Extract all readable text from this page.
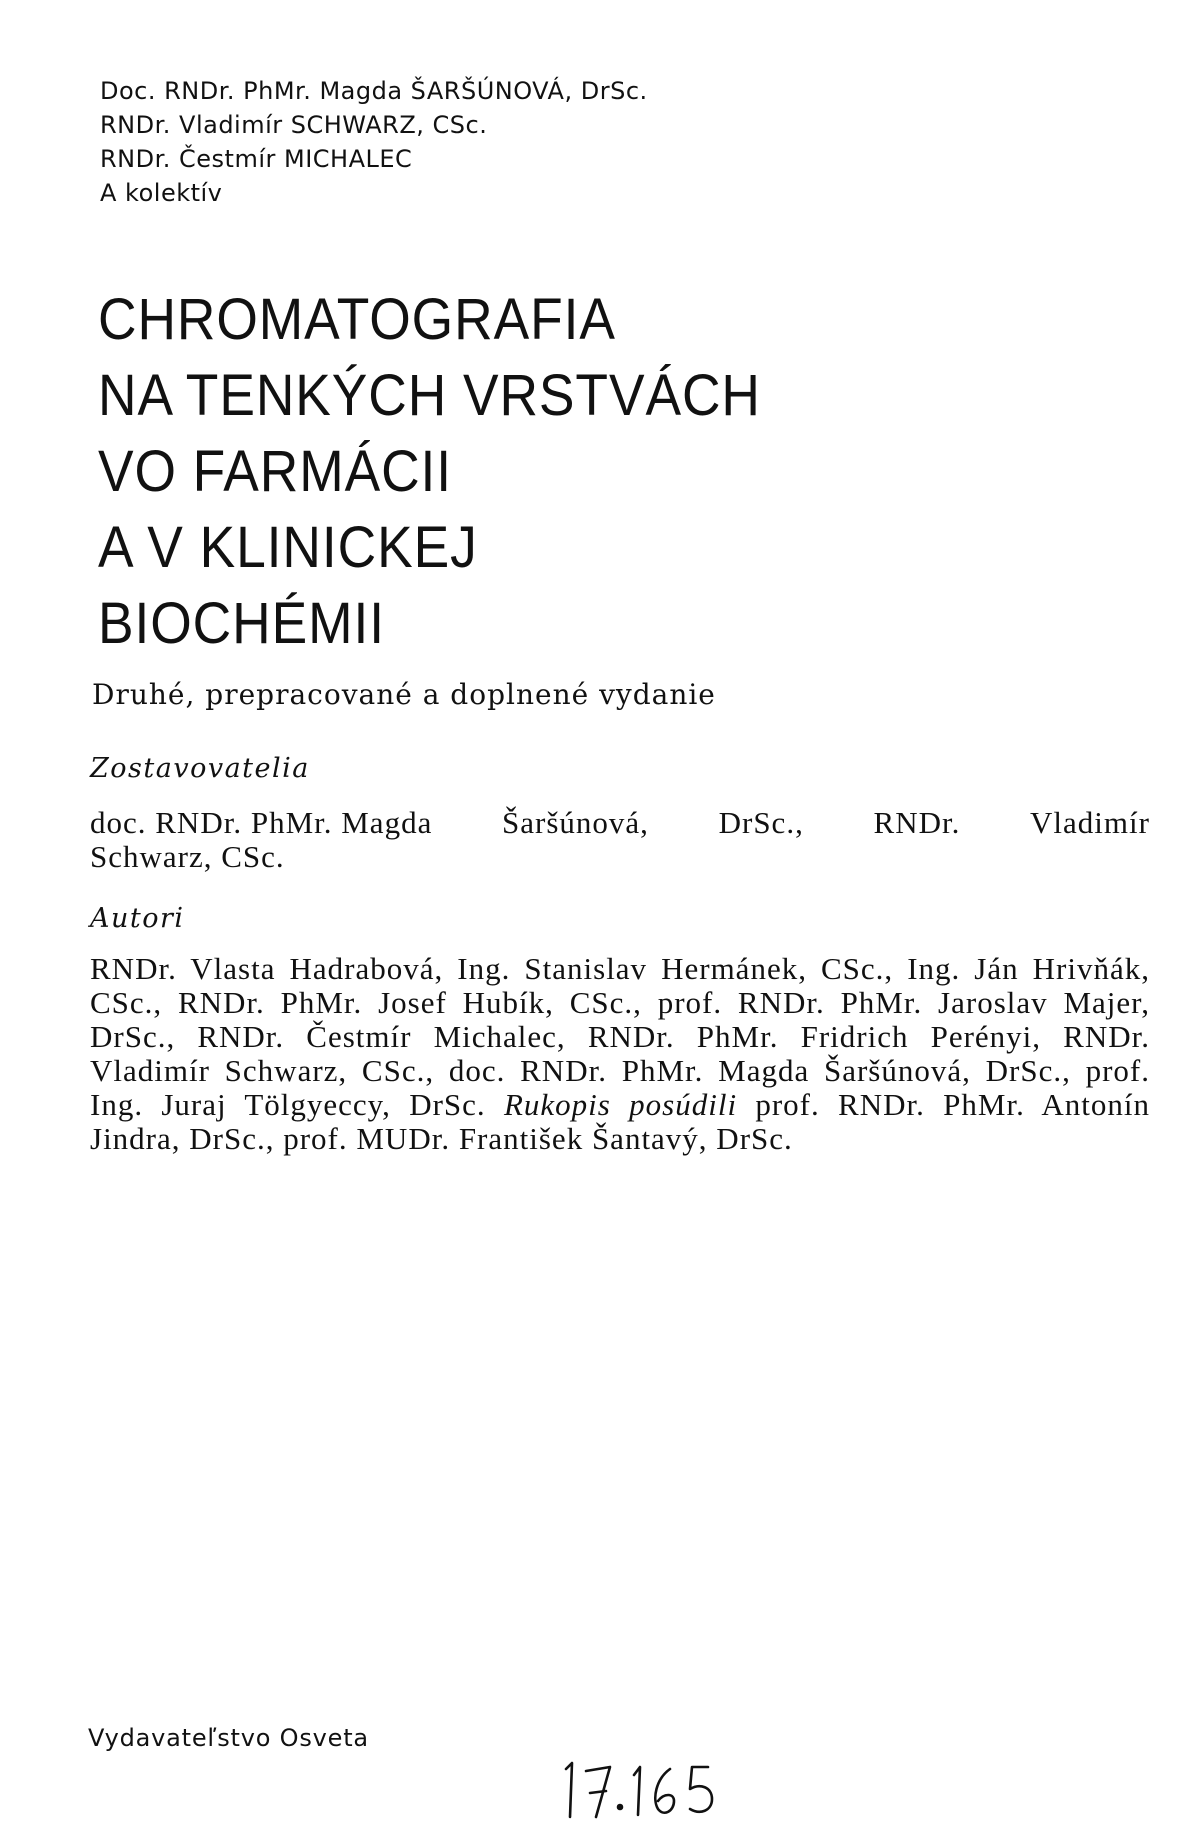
Doc. RNDr. PhMr. Magda ŠARŠÚNOVÁ, DrSc.
RNDr. Vladimír SCHWARZ, CSc.
RNDr. Čestmír MICHALEC
A kolektív
CHROMATOGRAFIA
NA TENKÝCH VRSTVÁCH
VO FARMÁCII
A V KLINICKEJ
BIOCHÉMII
Druhé, prepracované a doplnené vydanie
Zostavovatelia
doc. RNDr. PhMr. Magda Šaršúnová, DrSc., RNDr. Vladimír
Schwarz, CSc.
Autori
RNDr. Vlasta Hadrabová, Ing. Stanislav Hermánek, CSc., Ing. Ján Hrivňák, CSc., RNDr. PhMr. Josef Hubík, CSc., prof. RNDr. PhMr. Jaroslav Majer, DrSc., RNDr. Čestmír Michalec, RNDr. PhMr. Fridrich Perényi, RNDr. Vladimír Schwarz, CSc., doc. RNDr. PhMr. Magda Šaršúnová, DrSc., prof. Ing. Juraj Tölgyeccy, DrSc. Rukopis posúdili prof. RNDr. PhMr. Antonín Jindra, DrSc., prof. MUDr. František Šantavý, DrSc.
Vydavateľstvo Osveta
